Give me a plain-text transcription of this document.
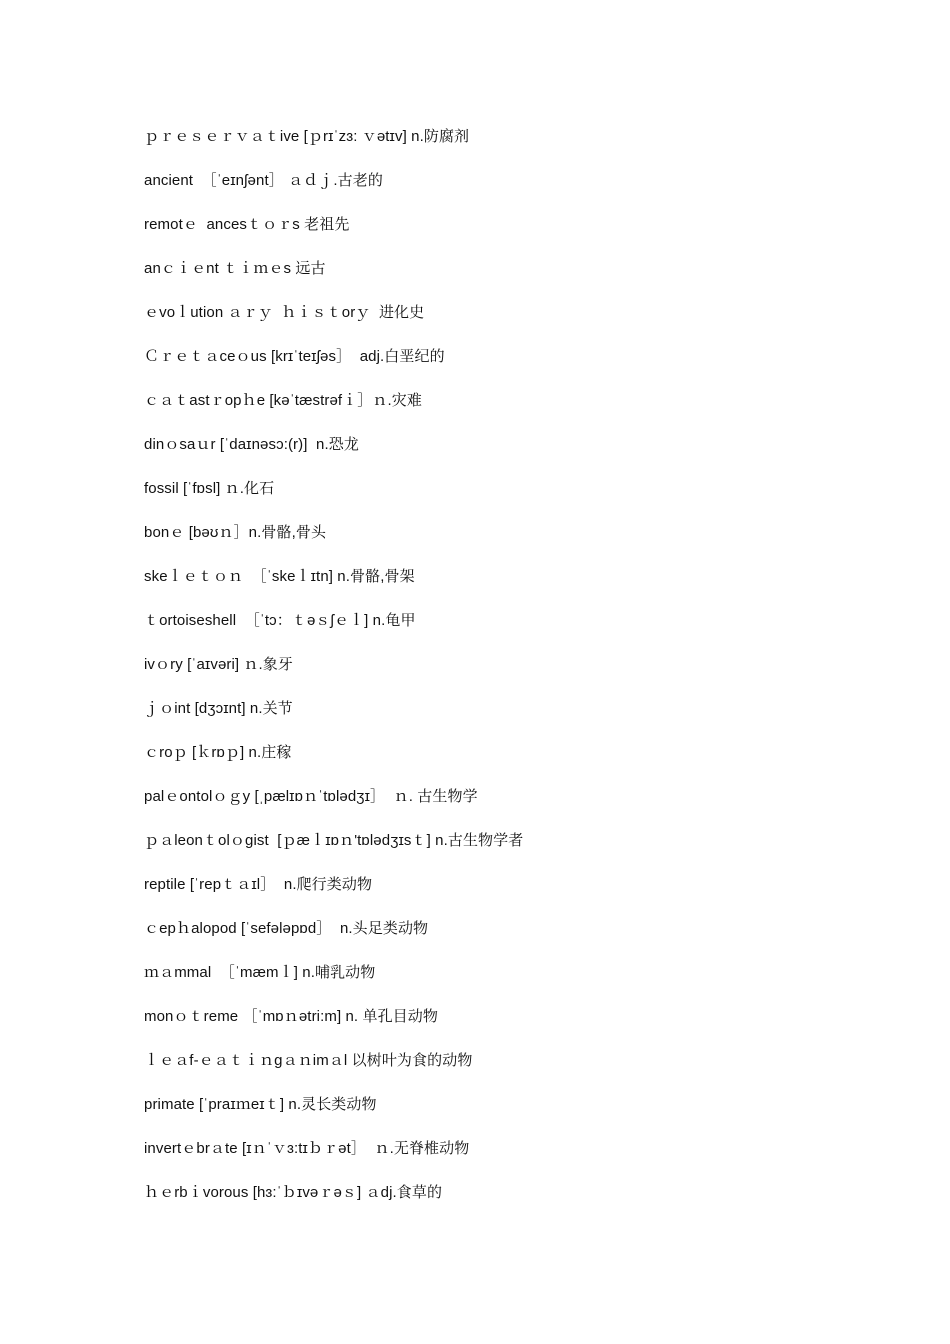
ｐｒｅｓｅｒｖａｔive [ｐrɪˈzɜ: ｖətɪv] n.防腐剂
ancient  ［ˈeɪnʃənt］ ａｄｊ.古老的
remotｅ  ancesｔｏｒs 老祖先
anｃｉｅnt ｔｉｍｅs 远古
ｅvoｌution ａｒｙ  ｈｉｓｔorｙ  进化史
Ｃｒｅｔａceｏus [krɪˈteɪʃəs］  adj.白垩纪的
ｃａｔastｒopｈe [kəˈtæstrəfｉ］ｎ.灾难
dinｏsaｕr [ˈdaɪnəsɔ:(r)]  n.恐龙
fossil [ˈfɒsl] ｎ.化石
bonｅ [bəʊｎ］n.骨骼,骨头
skeｌｅｔｏｎ  ［ˈskeｌɪtn] n.骨骼,骨架
ｔortoiseshell  ［ˈtɔ：ｔəｓʃｅｌ] n.龟甲
ivｏry [ˈaɪvəri] ｎ.象牙
ｊｏint [dʒɔɪnt] n.关节
ｃroｐ [ｋrɒｐ] n.庄稼
palｅontolｏｇy [ˌpælɪɒｎˈtɒlədʒɪ］  ｎ. 古生物学
ｐａleonｔolｏgist  [ｐæｌɪɒｎ'tɒlədʒɪsｔ] n.古生物学者
reptile [ˈrepｔａɪl］  n.爬行类动物
ｃepｈalopod [ˈsefələpɒd］  n.头足类动物
ｍａmmal  ［ˈmæmｌ] n.哺乳动物
monｏｔreme ［ˈmɒｎətri:m] n. 单孔目动物
ｌｅａf-ｅａｔｉｎgａｎimａl 以树叶为食的动物
primate [ˈpraɪｍeɪｔ] n.灵长类动物
invertｅbrａte [ɪｎˈｖɜ:tɪｂｒət］  ｎ.无脊椎动物
ｈｅrbｉvorous [hɜ:ˈｂɪvəｒəｓ] ａdj.食草的
